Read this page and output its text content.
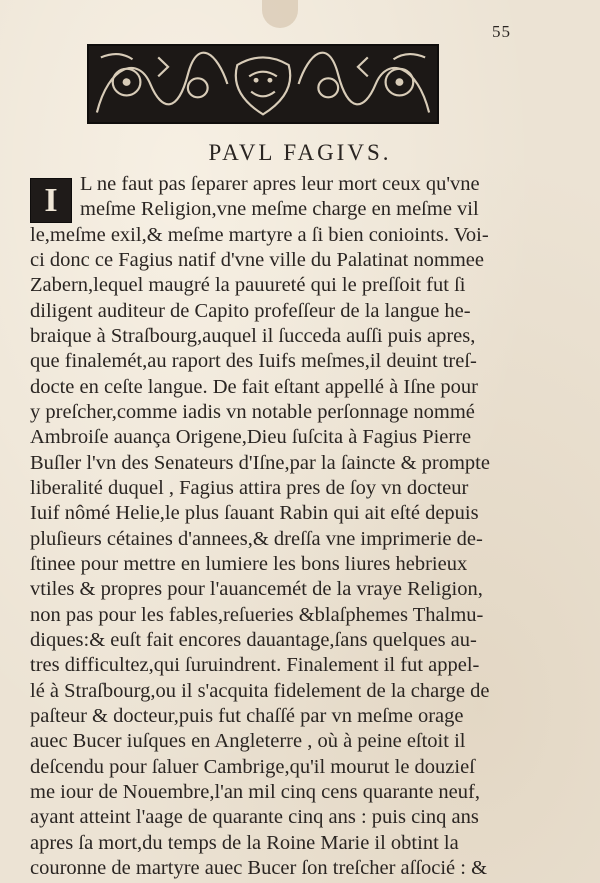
55
PAVL FAGIVS.
I L ne faut pas ſeparer apres leur mort ceux qu'vne
meſme Religion,vne meſme charge en meſme vil
le,meſme exil,& meſme martyre a ſi bien conioints. Voi-
ci donc ce Fagius natif d'vne ville du Palatinat nommee
Zabern,lequel maugré la pauureté qui le preſſoit fut ſi
diligent auditeur de Capito profeſſeur de la langue he-
braique à Straſbourg,auquel il ſucceda auſſi puis apres,
que finalemét,au raport des Iuifs meſmes,il deuint treſ-
docte en ceſte langue. De fait eſtant appellé à Iſne pour
y preſcher,comme iadis vn notable perſonnage nommé
Ambroiſe auança Origene,Dieu ſuſcita à Fagius Pierre
Buſler l'vn des Senateurs d'Iſne,par la ſaincte & prompte
liberalité duquel , Fagius attira pres de ſoy vn docteur
Iuif nômé Helie,le plus ſauant Rabin qui ait eſté depuis
pluſieurs cétaines d'annees,& dreſſa vne imprimerie de-
ſtinee pour mettre en lumiere les bons liures hebrieux
vtiles & propres pour l'auancemét de la vraye Religion,
non pas pour les fables,reſueries &blaſphemes Thalmu-
diques:& euſt fait encores dauantage,ſans quelques au-
tres difficultez,qui ſuruindrent. Finalement il fut appel-
lé à Straſbourg,ou il s'acquita fidelement de la charge de
paſteur & docteur,puis fut chaſſé par vn meſme orage
auec Bucer iuſques en Angleterre , où à peine eſtoit il
deſcendu pour ſaluer Cambrige,qu'il mourut le douzieſ
me iour de Nouembre,l'an mil cinq cens quarante neuf,
ayant atteint l'aage de quarante cinq ans : puis cinq ans
apres ſa mort,du temps de la Roine Marie il obtint la
couronne de martyre auec Bucer ſon treſcher aſſocié : &
